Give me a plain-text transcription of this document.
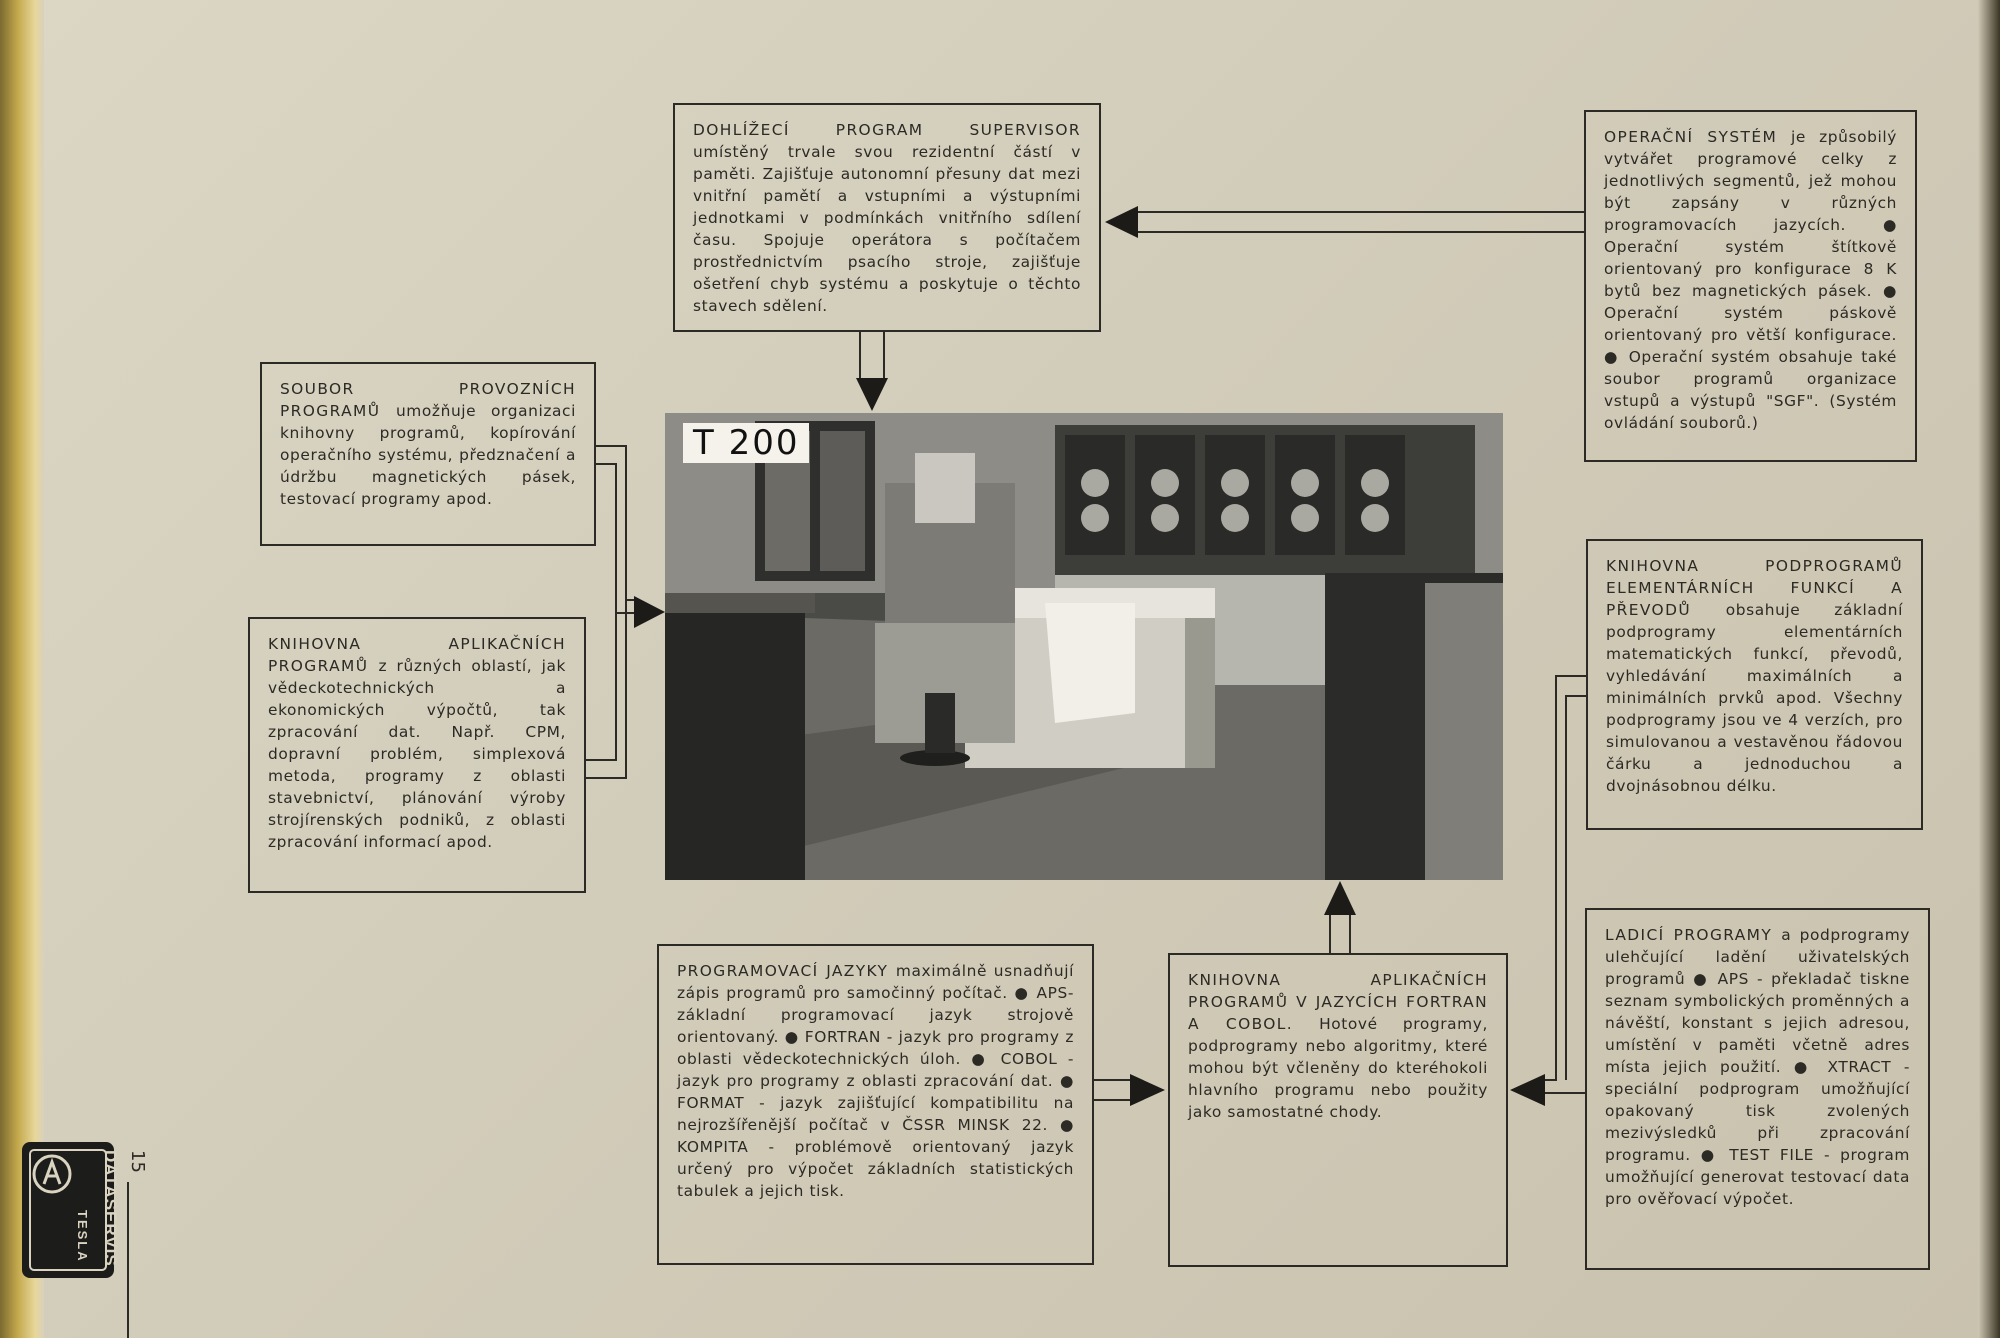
DOHLÍŽECÍ PROGRAM SUPERVISOR umístěný trvale svou rezidentní částí v paměti. Zajišťuje autonomní přesuny dat mezi vnitřní pamětí a vstupními a výstupními jednotkami v podmínkách vnitřního sdílení času. Spojuje operátora s počítačem prostřednictvím psacího stroje, zajišťuje ošetření chyb systému a poskytuje o těchto stavech sdělení.
OPERAČNÍ SYSTÉM je způsobilý vytvářet programové celky z jednotlivých segmentů, jež mohou být zapsány v různých programovacích jazycích. ● Operační systém štítkově orientovaný pro konfigurace 8 K bytů bez magnetických pásek. ● Operační systém páskově orientovaný pro větší konfigurace. ● Operační systém obsahuje také soubor programů organizace vstupů a výstupů "SGF". (Systém ovládání souborů.)
SOUBOR PROVOZNÍCH PROGRAMŮ umožňuje organizaci knihovny programů, kopírování operačního systému, předznačení a údržbu magnetických pásek, testovací programy apod.
KNIHOVNA APLIKAČNÍCH PROGRAMŮ z různých oblastí, jak vědeckotechnických a ekonomických výpočtů, tak zpracování dat. Např. CPM, dopravní problém, simplexová metoda, programy z oblasti stavebnictví, plánování výroby strojírenských podniků, z oblasti zpracování informací apod.
KNIHOVNA PODPROGRAMŮ ELEMENTÁRNÍCH FUNKCÍ A PŘEVODŮ obsahuje základní podprogramy elementárních matematických funkcí, převodů, vyhledávání maximálních a minimálních prvků apod. Všechny podprogramy jsou ve 4 verzích, pro simulovanou a vestavěnou řádovou čárku a jednoduchou a dvojnásobnou délku.
PROGRAMOVACÍ JAZYKY maximálně usnadňují zápis programů pro samočinný počítač. ● APS-základní programovací jazyk strojově orientovaný. ● FORTRAN - jazyk pro programy z oblasti vědeckotechnických úloh. ● COBOL - jazyk pro programy z oblasti zpracování dat. ● FORMAT - jazyk zajišťující kompatibilitu na nejrozšířenější počítač v ČSSR MINSK 22. ● KOMPITA - problémově orientovaný jazyk určený pro výpočet základních statistických tabulek a jejich tisk.
KNIHOVNA APLIKAČNÍCH PROGRAMŮ V JAZYCÍCH FORTRAN A COBOL. Hotové programy, podprogramy nebo algoritmy, které mohou být včleněny do kteréhokoli hlavního programu nebo použity jako samostatné chody.
LADICÍ PROGRAMY a podprogramy ulehčující ladění uživatelských programů ● APS - překladač tiskne seznam symbolických proměnných a návěští, konstant s jejich adresou, umístění v paměti včetně adres místa jejich použití. ● XTRACT - speciální podprogram umožňující opakovaný tisk zvolených mezivýsledků při zpracování programu. ● TEST FILE - program umožňující generovat testovací data pro ověřovací výpočet.
T 200
15
DATASERVIS
TESLA
